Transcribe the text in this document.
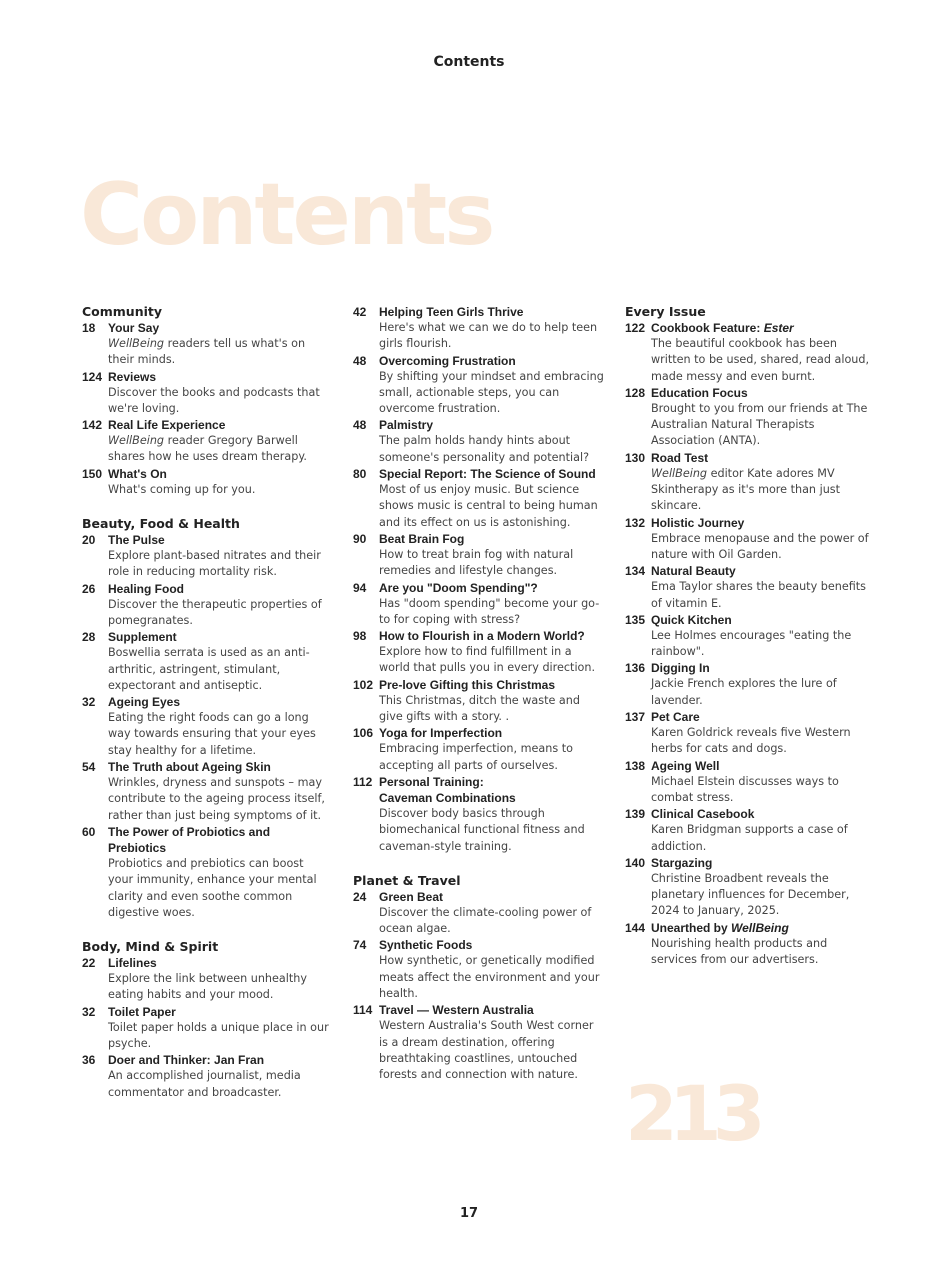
Contents
Contents
Community
18	Your Say
WellBeing readers tell us what's on their minds.
124 Reviews
Discover the books and podcasts that we're loving.
142 Real Life Experience
WellBeing reader Gregory Barwell shares how he uses dream therapy.
150 What's On
What's coming up for you.
Beauty, Food & Health
20	The Pulse
Explore plant-based nitrates and their role in reducing mortality risk.
26	Healing Food
Discover the therapeutic properties of pomegranates.
28	Supplement
Boswellia serrata is used as an anti-arthritic, astringent, stimulant, expectorant and antiseptic.
32	Ageing Eyes
Eating the right foods can go a long way towards ensuring that your eyes stay healthy for a lifetime.
54	The Truth about Ageing Skin
Wrinkles, dryness and sunspots – may contribute to the ageing process itself, rather than just being symptoms of it.
60	The Power of Probiotics and
Prebiotics
Probiotics and prebiotics can boost your immunity, enhance your mental clarity and even soothe common digestive woes.
Body, Mind & Spirit
22	Lifelines
Explore the link between unhealthy eating habits and your mood.
32	Toilet Paper
Toilet paper holds a unique place in our psyche.
36	Doer and Thinker: Jan Fran
An accomplished journalist, media commentator and broadcaster.
42	Helping Teen Girls Thrive
Here's what we can we do to help teen girls flourish.
48	Overcoming Frustration
By shifting your mindset and embracing small, actionable steps, you can overcome frustration.
48	Palmistry
The palm holds handy hints about someone's personality and potential?
80	Special Report: The Science of Sound
Most of us enjoy music. But science shows music is central to being human and its effect on us is astonishing.
90	Beat Brain Fog
How to treat brain fog with natural remedies and lifestyle changes.
94	Are you "Doom Spending"?
Has "doom spending" become your go-to for coping with stress?
98	How to Flourish in a Modern World?
Explore how to find fulfillment in a world that pulls you in every direction.
102 Pre-love Gifting this Christmas
This Christmas, ditch the waste and give gifts with a story. .
106 Yoga for Imperfection
Embracing imperfection, means to accepting all parts of ourselves.
112 Personal Training:
Caveman Combinations
Discover body basics through biomechanical functional fitness and caveman-style training.
Planet & Travel
24	Green Beat
Discover the climate-cooling power of ocean algae.
74	Synthetic Foods
How synthetic, or genetically modified meats affect the environment and your health.
114 Travel — Western Australia
Western Australia's South West corner is a dream destination, offering breathtaking coastlines, untouched forests and connection with nature.
Every Issue
122 Cookbook Feature: Ester
The beautiful cookbook has been written to be used, shared, read aloud, made messy and even burnt.
128 Education Focus
Brought to you from our friends at The Australian Natural Therapists Association (ANTA).
130 Road Test
WellBeing editor Kate adores MV Skintherapy as it's more than just skincare.
132 Holistic Journey
Embrace menopause and the power of nature with Oil Garden.
134 Natural Beauty
Ema Taylor shares the beauty benefits of vitamin E.
135 Quick Kitchen
Lee Holmes encourages "eating the rainbow".
136 Digging In
Jackie French explores the lure of lavender.
137 Pet Care
Karen Goldrick reveals five Western herbs for cats and dogs.
138 Ageing Well
Michael Elstein discusses ways to combat stress.
139 Clinical Casebook
Karen Bridgman supports a case of addiction.
140 Stargazing
Christine Broadbent reveals the planetary influences for December, 2024 to January, 2025.
144 Unearthed by WellBeing
Nourishing health products and services from our advertisers.
213
17
